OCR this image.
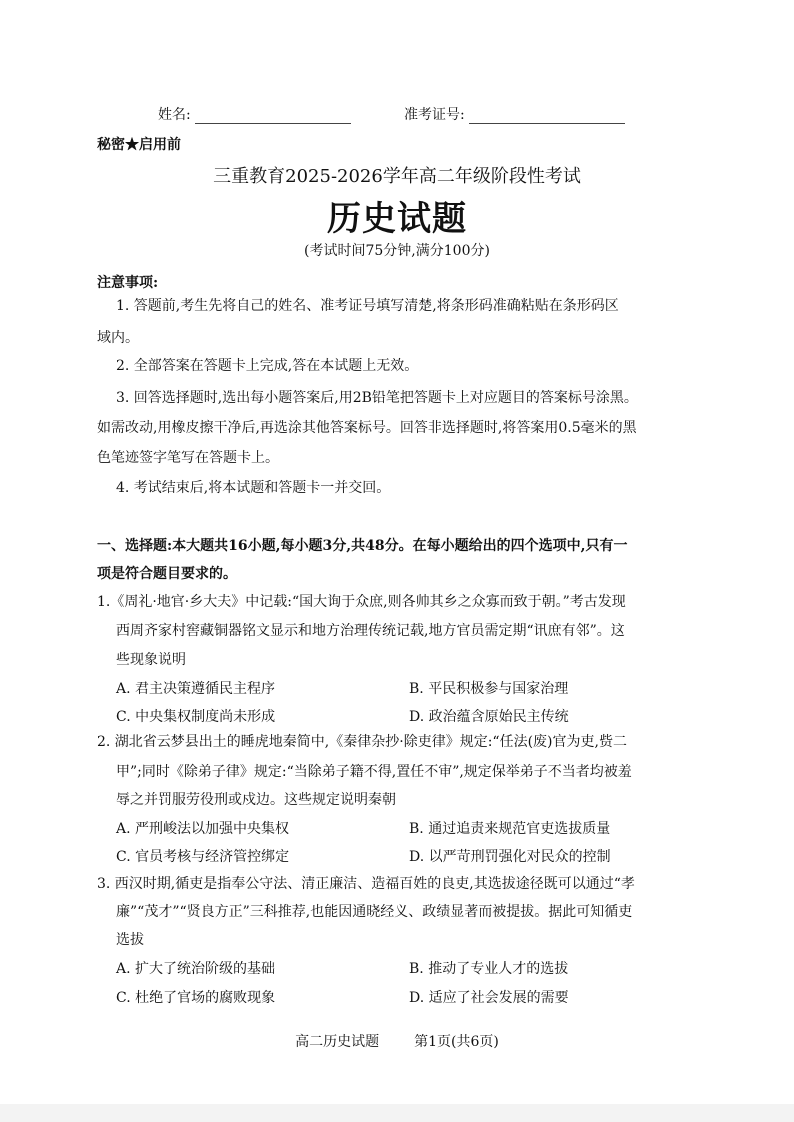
姓名:	准考证号:
秘密★启用前
三重教育2025-2026学年高二年级阶段性考试
历史试题
(考试时间75分钟,满分100分)
注意事项:
1. 答题前,考生先将自己的姓名、准考证号填写清楚,将条形码准确粘贴在条形码区
域内。
2. 全部答案在答题卡上完成,答在本试题上无效。
3. 回答选择题时,选出每小题答案后,用2B铅笔把答题卡上对应题目的答案标号涂黑。
如需改动,用橡皮擦干净后,再选涂其他答案标号。回答非选择题时,将答案用0.5毫米的黑
色笔迹签字笔写在答题卡上。
4. 考试结束后,将本试题和答题卡一并交回。
一、选择题:本大题共16小题,每小题3分,共48分。在每小题给出的四个选项中,只有一
项是符合题目要求的。
1.《周礼·地官·乡大夫》中记载:“国大询于众庶,则各帅其乡之众寡而致于朝。”考古发现
西周齐家村窖藏铜器铭文显示和地方治理传统记载,地方官员需定期“讯庶有邻”。这
些现象说明
A. 君主决策遵循民主程序	B. 平民积极参与国家治理
C. 中央集权制度尚未形成	D. 政治蕴含原始民主传统
2. 湖北省云梦县出土的睡虎地秦简中,《秦律杂抄·除吏律》规定:“任法(废)官为吏,赀二
甲”;同时《除弟子律》规定:“当除弟子籍不得,置任不审”,规定保举弟子不当者均被羞
辱之并罚服劳役刑或戍边。这些规定说明秦朝
A. 严刑峻法以加强中央集权	B. 通过追责来规范官吏选拔质量
C. 官员考核与经济管控绑定	D. 以严苛刑罚强化对民众的控制
3. 西汉时期,循吏是指奉公守法、清正廉洁、造福百姓的良吏,其选拔途径既可以通过“孝
廉”“茂才”“贤良方正”三科推荐,也能因通晓经义、政绩显著而被提拔。据此可知循吏
选拔
A. 扩大了统治阶级的基础	B. 推动了专业人才的选拔
C. 杜绝了官场的腐败现象	D. 适应了社会发展的需要
高二历史试题 第1页(共6页)
